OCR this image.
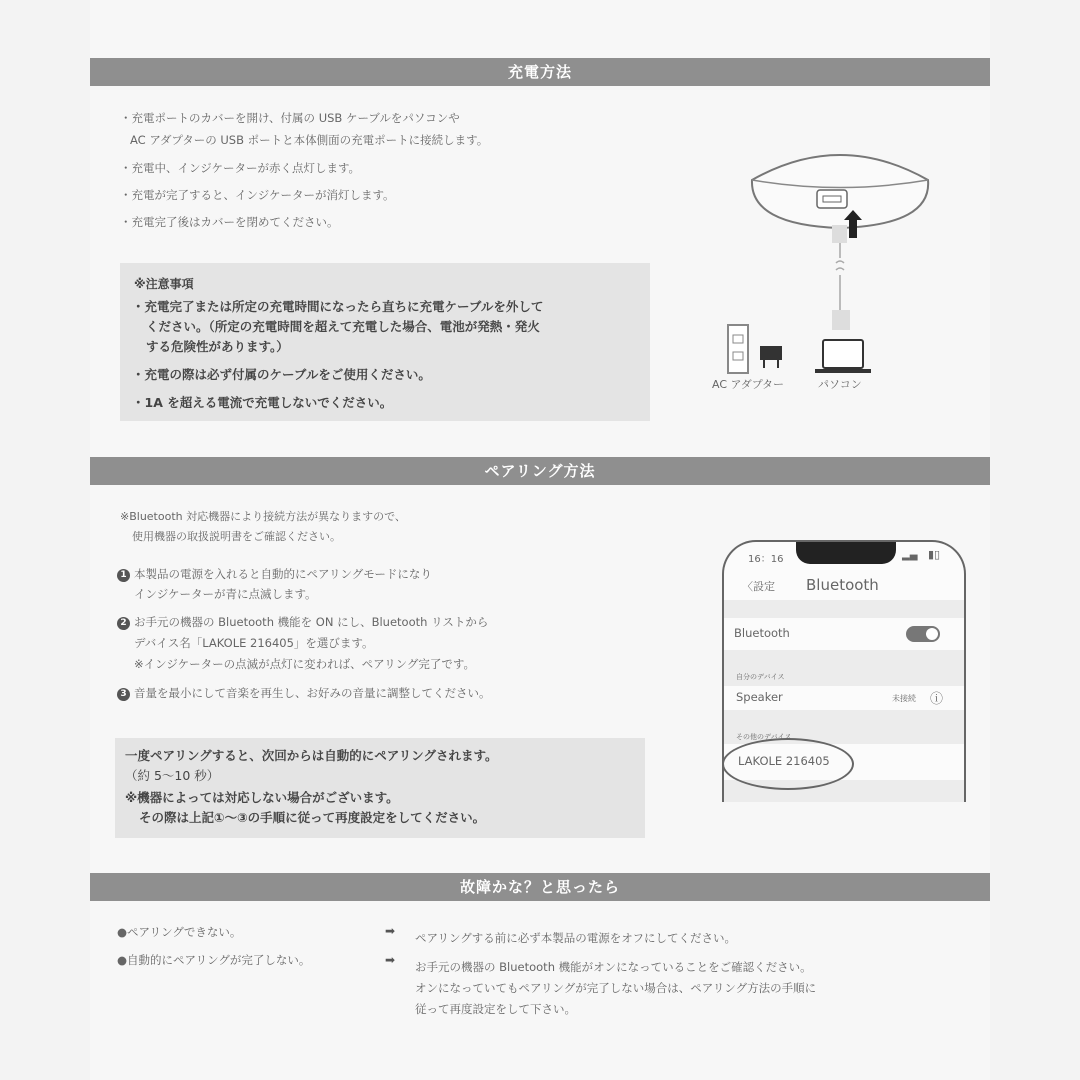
充電方法
・充電ポートのカバーを開け、付属の USB ケーブルをパソコンや
AC アダプターの USB ポートと本体側面の充電ポートに接続します。
・充電中、インジケーターが赤く点灯します。
・充電が完了すると、インジケーターが消灯します。
・充電完了後はカバーを閉めてください。
※注意事項
・充電完了または所定の充電時間になったら直ちに充電ケーブルを外して
ください。（所定の充電時間を超えて充電した場合、電池が発熱・発火
する危険性があります。）
・充電の際は必ず付属のケーブルをご使用ください。
・1A を超える電流で充電しないでください。
AC アダプター	パソコン
ペアリング方法
※Bluetooth 対応機器により接続方法が異なりますので、
使用機器の取扱説明書をご確認ください。
1 本製品の電源を入れると自動的にペアリングモードになり
インジケーターが青に点滅します。
2 お手元の機器の Bluetooth 機能を ON にし、Bluetooth リストから
デバイス名「LAKOLE 216405」を選びます。
※インジケーターの点滅が点灯に変われば、ペアリング完了です。
3 音量を最小にして音楽を再生し、お好みの音量に調整してください。
一度ペアリングすると、次回からは自動的にペアリングされます。
（約 5～10 秒）
※機器によっては対応しない場合がございます。
その際は上記①～③の手順に従って再度設定をしてください。
16：16	▂▄ ▮▯
〈設定 Bluetooth
Bluetooth
自分のデバイス
Speaker	未接続 ⓘ
その他のデバイス
LAKOLE 216405
故障かな？と思ったら
●ペアリングできない。	➡ ペアリングする前に必ず本製品の電源をオフにしてください。
●自動的にペアリングが完了しない。	➡ お手元の機器の Bluetooth 機能がオンになっていることをご確認ください。
オンになっていてもペアリングが完了しない場合は、ペアリング方法の手順に
従って再度設定をして下さい。
